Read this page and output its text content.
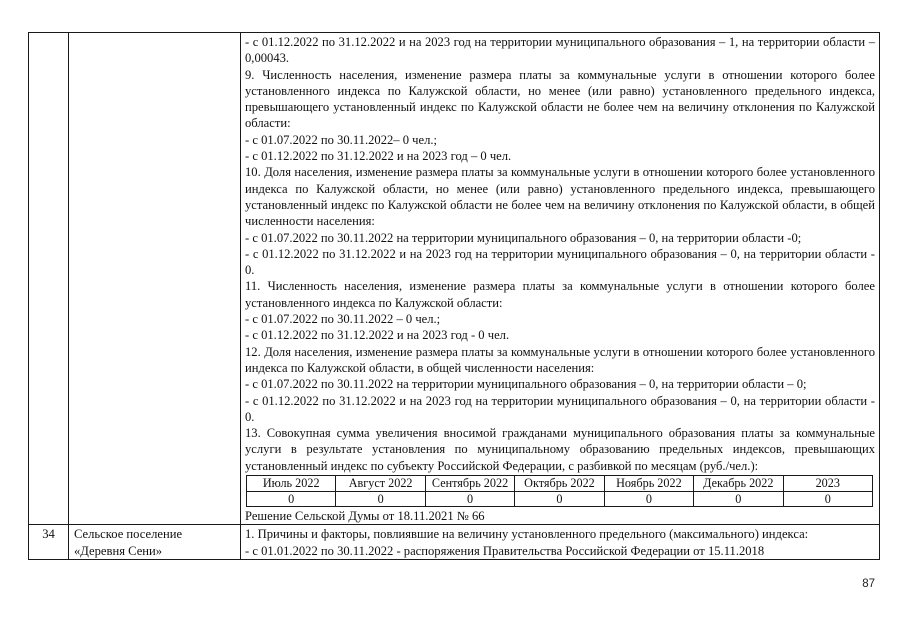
- с 01.12.2022 по 31.12.2022 и на 2023 год на территории муниципального образования – 1, на территории области – 0,00043.

9. Численность населения, изменение размера платы за коммунальные услуги в отношении которого более установленного индекса по Калужской области, но менее (или равно) установленного предельного индекса, превышающего установленный индекс по Калужской области не более чем на величину отклонения по Калужской области:

- с 01.07.2022 по 30.11.2022– 0 чел.;

- с 01.12.2022 по 31.12.2022 и на 2023 год – 0 чел.

10. Доля населения, изменение размера платы за коммунальные услуги в отношении которого более установленного индекса по Калужской области, но менее (или равно) установленного предельного индекса, превышающего установленный индекс по Калужской области не более чем на величину отклонения по Калужской области, в общей численности населения:

- с 01.07.2022 по 30.11.2022 на территории муниципального образования – 0, на территории области -0;

- с 01.12.2022 по 31.12.2022 и на 2023 год на территории муниципального образования – 0, на территории области - 0.

11. Численность населения, изменение размера платы за коммунальные услуги в отношении которого более установленного индекса по Калужской области:

- с 01.07.2022 по 30.11.2022 – 0 чел.;

- с 01.12.2022 по 31.12.2022 и на 2023 год - 0 чел.

12. Доля населения, изменение размера платы за коммунальные услуги в отношении которого более установленного индекса по Калужской области, в общей численности населения:

- с 01.07.2022 по 30.11.2022 на территории муниципального образования – 0, на территории области – 0;

- с 01.12.2022 по 31.12.2022 и на 2023 год на территории муниципального образования – 0, на территории области - 0.

13. Совокупная сумма увеличения вносимой гражданами муниципального образования платы за коммунальные услуги в результате установления по муниципальному образованию предельных индексов, превышающих установленный индекс по субъекту Российской Федерации, с разбивкой по месяцам (руб./чел.):

Июль 2022	Август 2022	Сентябрь 2022	Октябрь 2022	Ноябрь 2022	Декабрь 2022	2023
0	0	0	0	0	0	0

Решение Сельской Думы от 18.11.2021 № 66

34	Сельское поселение
«Деревня Сени»

1. Причины и факторы, повлиявшие на величину установленного предельного (максимального) индекса:

- с 01.01.2022 по 30.11.2022 - распоряжения Правительства Российской Федерации от 15.11.2018

87
